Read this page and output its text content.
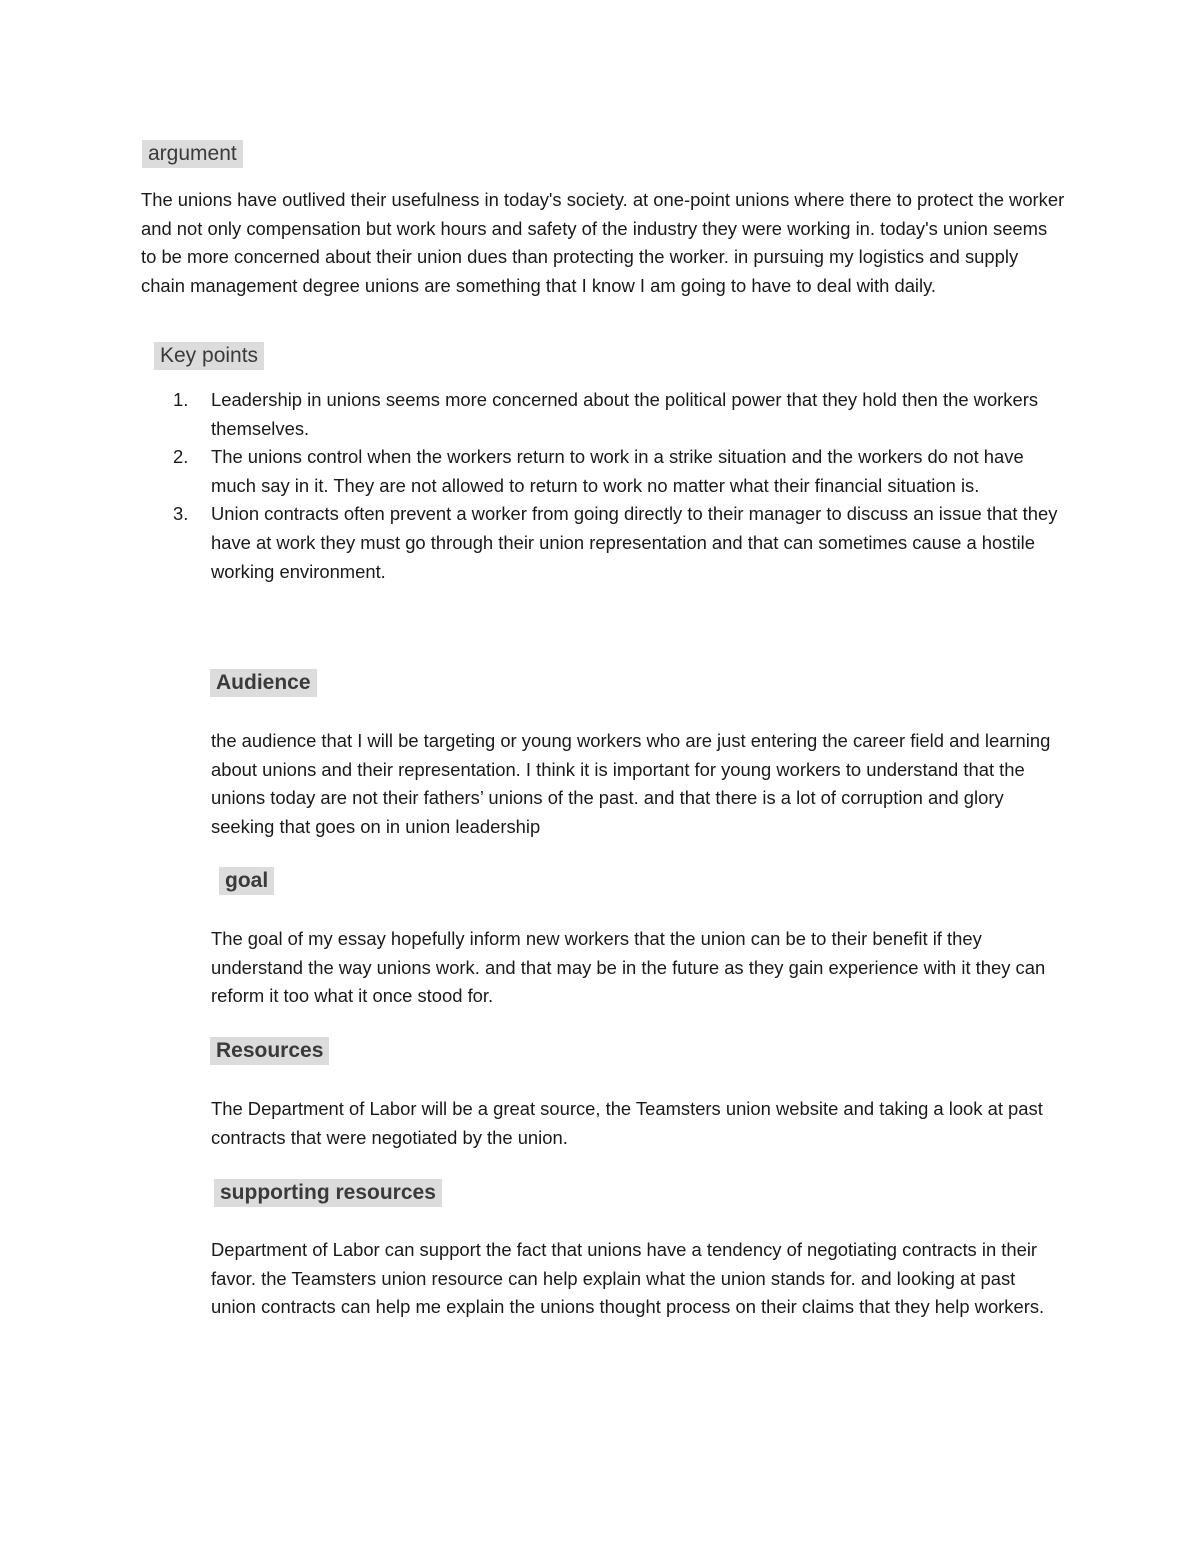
argument

The unions have outlived their usefulness in today's society. at one-point unions where there to protect the worker and not only compensation but work hours and safety of the industry they were working in. today's union seems to be more concerned about their union dues than protecting the worker. in pursuing my logistics and supply chain management degree unions are something that I know I am going to have to deal with daily.

Key points
1. Leadership in unions seems more concerned about the political power that they hold then the workers themselves.
2. The unions control when the workers return to work in a strike situation and the workers do not have much say in it. They are not allowed to return to work no matter what their financial situation is.
3. Union contracts often prevent a worker from going directly to their manager to discuss an issue that they have at work they must go through their union representation and that can sometimes cause a hostile working environment.
Audience

the audience that I will be targeting or young workers who are just entering the career field and learning about unions and their representation. I think it is important for young workers to understand that the unions today are not their fathers’ unions of the past. and that there is a lot of corruption and glory seeking that goes on in union leadership

goal

The goal of my essay hopefully inform new workers that the union can be to their benefit if they understand the way unions work. and that may be in the future as they gain experience with it they can reform it too what it once stood for.

Resources

The Department of Labor will be a great source, the Teamsters union website and taking a look at past contracts that were negotiated by the union.

supporting resources

Department of Labor can support the fact that unions have a tendency of negotiating contracts in their favor. the Teamsters union resource can help explain what the union stands for. and looking at past union contracts can help me explain the unions thought process on their claims that they help workers.
